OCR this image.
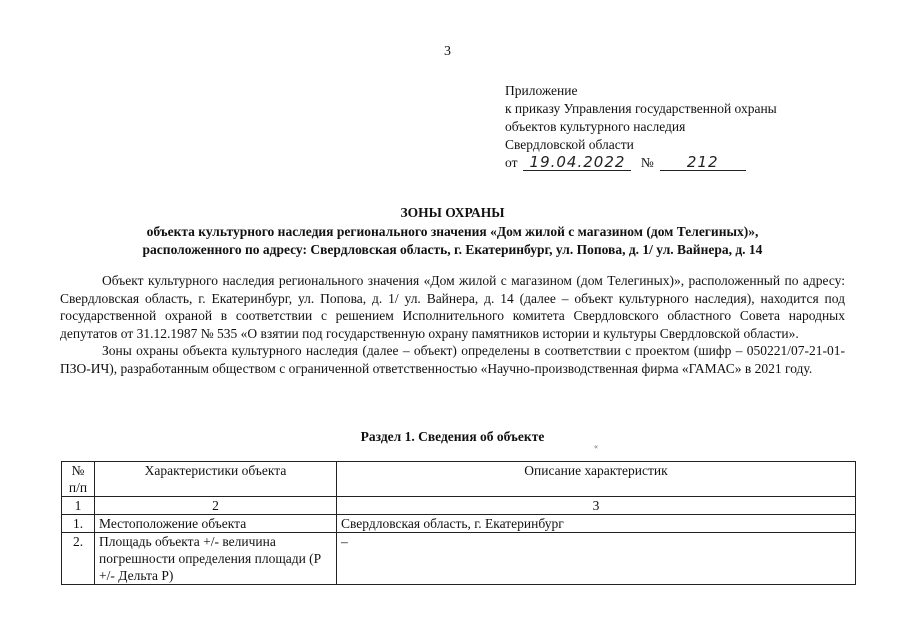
3
Приложение
к приказу Управления государственной охраны
объектов культурного наследия
Свердловской области
от 19.04.2022 № 212
ЗОНЫ ОХРАНЫ
объекта культурного наследия регионального значения «Дом жилой с магазином (дом Телегиных)»,
расположенного по адресу: Свердловская область, г. Екатеринбург, ул. Попова, д. 1/ ул. Вайнера, д. 14

Объект культурного наследия регионального значения «Дом жилой с магазином (дом Телегиных)», расположенный по адресу: Свердловская область, г. Екатеринбург, ул. Попова, д. 1/ ул. Вайнера, д. 14 (далее – объект культурного наследия), находится под государственной охраной в соответствии с решением Исполнительного комитета Свердловского областного Совета народных депутатов от 31.12.1987 № 535 «О взятии под государственную охрану памятников истории и культуры Свердловской области».

Зоны охраны объекта культурного наследия (далее – объект) определены в соответствии с проектом (шифр – 050221/07-21-01-ПЗО-ИЧ), разработанным обществом с ограниченной ответственностью «Научно-производственная фирма «ГАМАС» в 2021 году.

Раздел 1. Сведения об объекте
«
№ п/п	Характеристики объекта	Описание характеристик
1	2	3
1.	Местоположение объекта	Свердловская область, г. Екатеринбург
2.	Площадь объекта +/- величина погрешности определения площади (P +/- Дельта P)	–
